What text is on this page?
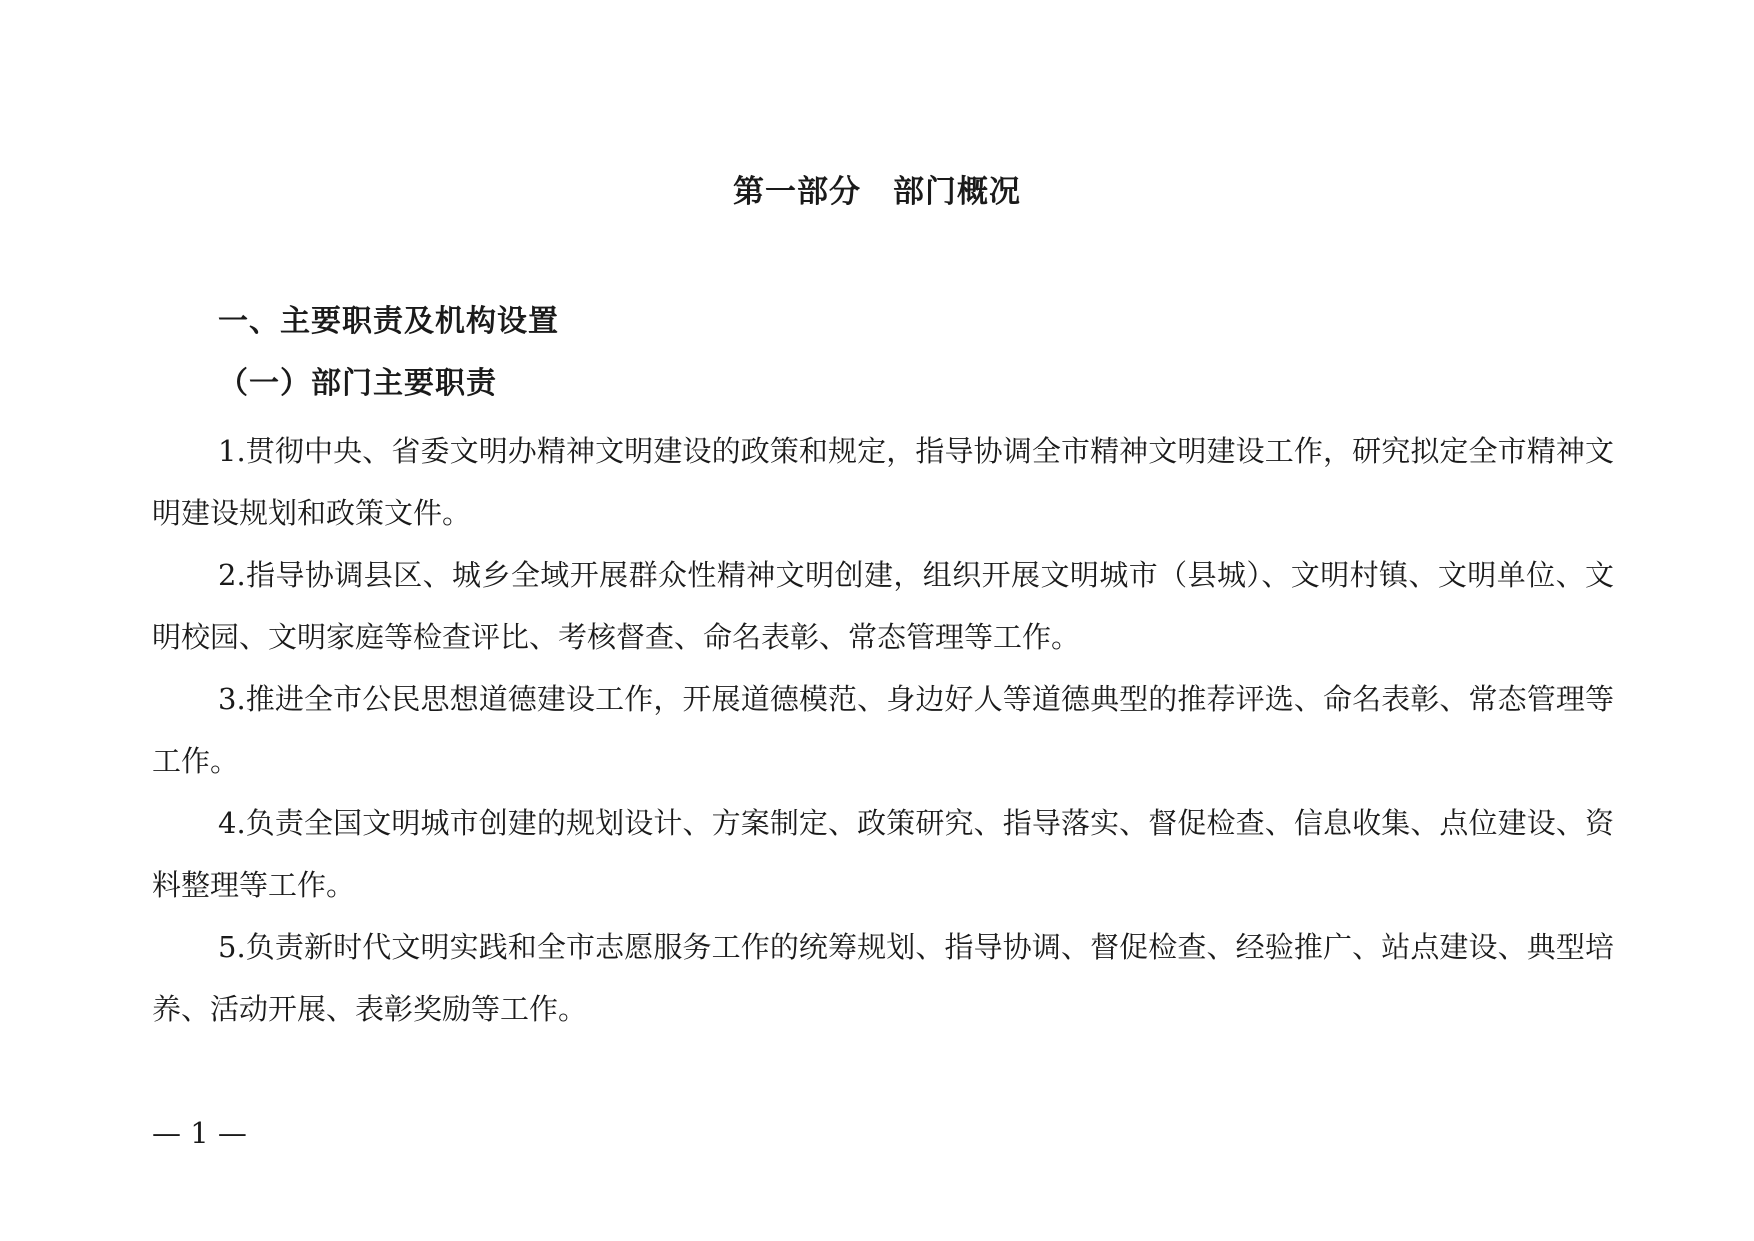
第一部分　部门概况
一、主要职责及机构设置
（一）部门主要职责
1.贯彻中央、省委文明办精神文明建设的政策和规定，指导协调全市精神文明建设工作，研究拟定全市精神文明建设规划和政策文件。
2.指导协调县区、城乡全域开展群众性精神文明创建，组织开展文明城市（县城）、文明村镇、文明单位、文明校园、文明家庭等检查评比、考核督查、命名表彰、常态管理等工作。
3.推进全市公民思想道德建设工作，开展道德模范、身边好人等道德典型的推荐评选、命名表彰、常态管理等工作。
4.负责全国文明城市创建的规划设计、方案制定、政策研究、指导落实、督促检查、信息收集、点位建设、资料整理等工作。
5.负责新时代文明实践和全市志愿服务工作的统筹规划、指导协调、督促检查、经验推广、站点建设、典型培养、活动开展、表彰奖励等工作。
— 1 —
